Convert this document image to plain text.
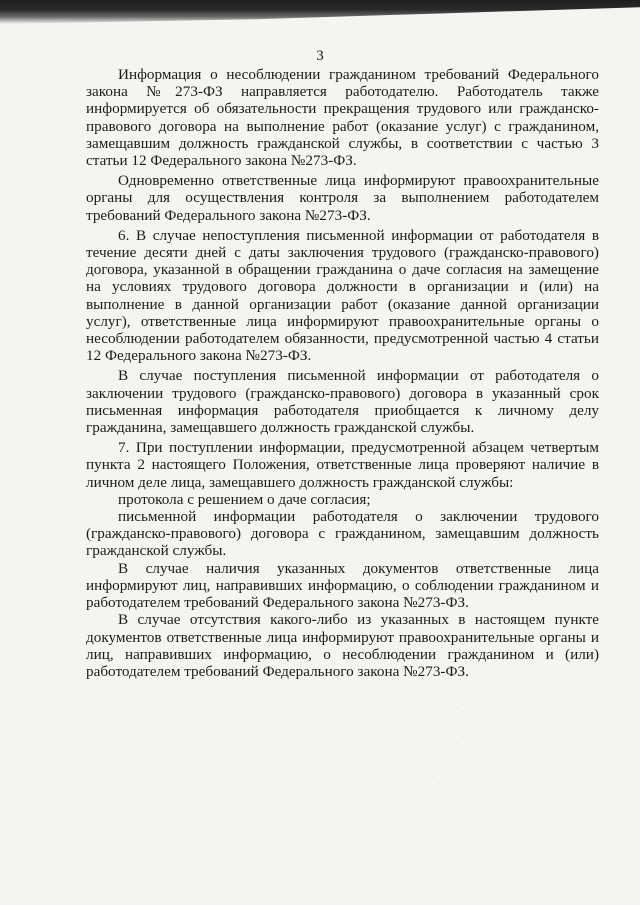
3

Информация о несоблюдении гражданином требований Федерального закона №273-ФЗ направляется работодателю. Работодатель также информируется об обязательности прекращения трудового или гражданско-правового договора на выполнение работ (оказание услуг) с гражданином, замещавшим должность гражданской службы, в соответствии с частью 3 статьи 12 Федерального закона №273-ФЗ.

Одновременно ответственные лица информируют правоохранительные органы для осуществления контроля за выполнением работодателем требований Федерального закона №273-ФЗ.

6. В случае непоступления письменной информации от работодателя в течение десяти дней с даты заключения трудового (гражданско-правового) договора, указанной в обращении гражданина о даче согласия на замещение на условиях трудового договора должности в организации и (или) на выполнение в данной организации работ (оказание данной организации услуг), ответственные лица информируют правоохранительные органы о несоблюдении работодателем обязанности, предусмотренной частью 4 статьи 12 Федерального закона №273-ФЗ.

В случае поступления письменной информации от работодателя о заключении трудового (гражданско-правового) договора в указанный срок письменная информация работодателя приобщается к личному делу гражданина, замещавшего должность гражданской службы.

7. При поступлении информации, предусмотренной абзацем четвертым пункта 2 настоящего Положения, ответственные лица проверяют наличие в личном деле лица, замещавшего должность гражданской службы:

протокола с решением о даче согласия;

письменной информации работодателя о заключении трудового (гражданско-правового) договора с гражданином, замещавшим должность гражданской службы.

В случае наличия указанных документов ответственные лица информируют лиц, направивших информацию, о соблюдении гражданином и работодателем требований Федерального закона №273-ФЗ.

В случае отсутствия какого-либо из указанных в настоящем пункте документов ответственные лица информируют правоохранительные органы и лиц, направивших информацию, о несоблюдении гражданином и (или) работодателем требований Федерального закона №273-ФЗ.
